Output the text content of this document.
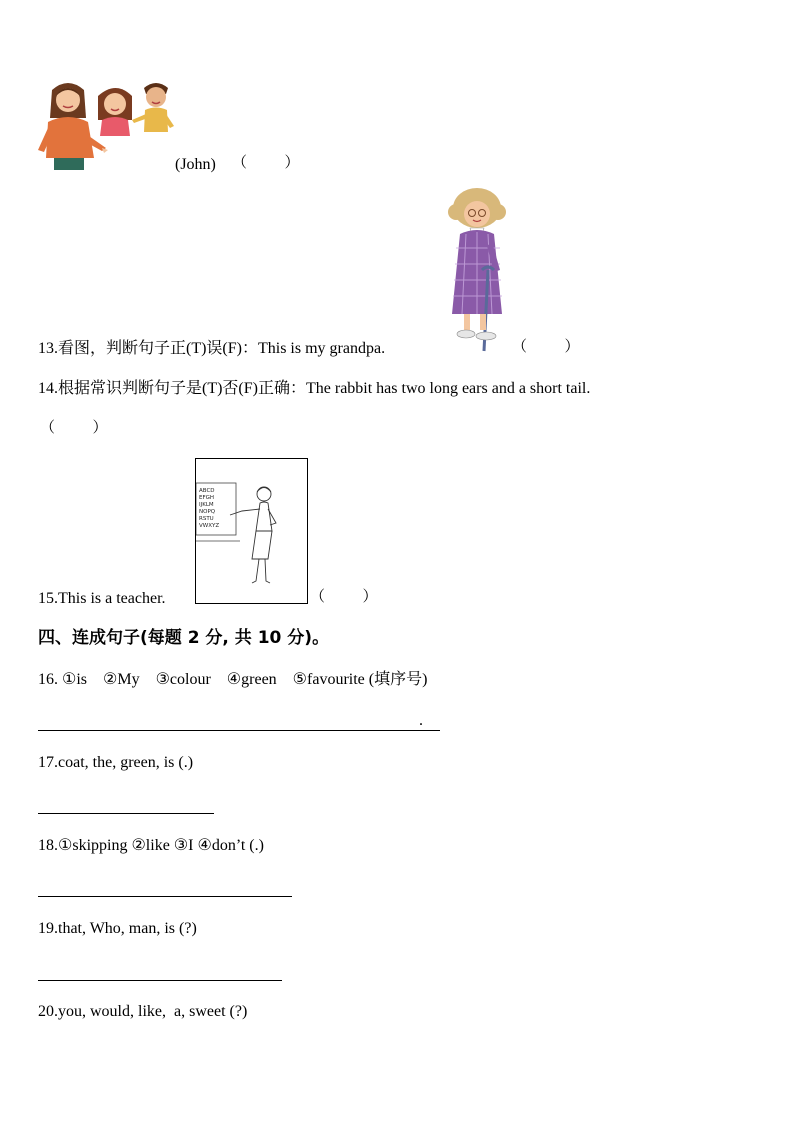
(John) （          ）
13.看图，判断句子正(T)误(F)：This is my grandpa.	（          ）
14.根据常识判断句子是(T)否(F)正确：The rabbit has two long ears and a short tail.
（          ）
ABCD
EFGH
IJKLM
NOPQ
RSTU
VWXYZ
15.This is a teacher.	（          ）
四、连成句子(每题 2 分, 共 10 分)。
16. ①is    ②My    ③colour    ④green    ⑤favourite (填序号)
.
17.coat, the, green, is (.)
18.①skipping ②like ③I ④don’t (.)
19.that, Who, man, is (?)
20.you, would, like,  a, sweet (?)
